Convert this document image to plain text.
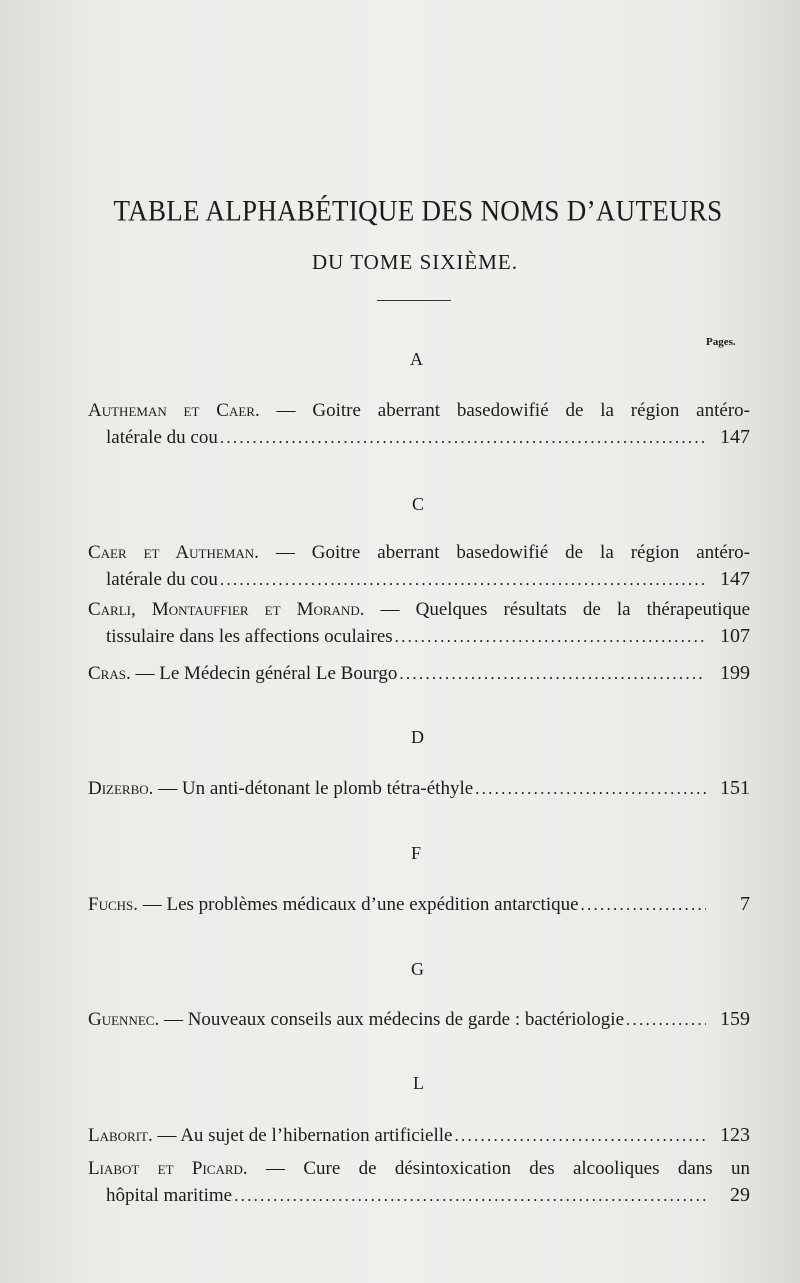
TABLE ALPHABÉTIQUE DES NOMS D’AUTEURS
DU TOME SIXIÈME.
Pages.
A
Autheman et Caer. — Goitre aberrant basedowifié de la région antéro-
latérale du cou . . .	147
C
Caer et Autheman. — Goitre aberrant basedowifié de la région antéro-
latérale du cou . . .	147
Carli, Montauffier et Morand. — Quelques résultats de la thérapeutique
tissulaire dans les affections oculaires . . .	107
Cras.
— Le Médecin général Le Bourgo . . .	199
D
Dizerbo.
— Un anti-détonant le plomb tétra-éthyle . . .	151
F
Fuchs.
— Les problèmes médicaux d’une expédition antarctique . . .	7
G
Guennec.
— Nouveaux conseils aux médecins de garde : bactériologie . . .	159
L
Laborit.
— Au sujet de l’hibernation artificielle . . .	123
Liabot et Picard. — Cure de désintoxication des alcooliques dans un
hôpital maritime . . .	29
